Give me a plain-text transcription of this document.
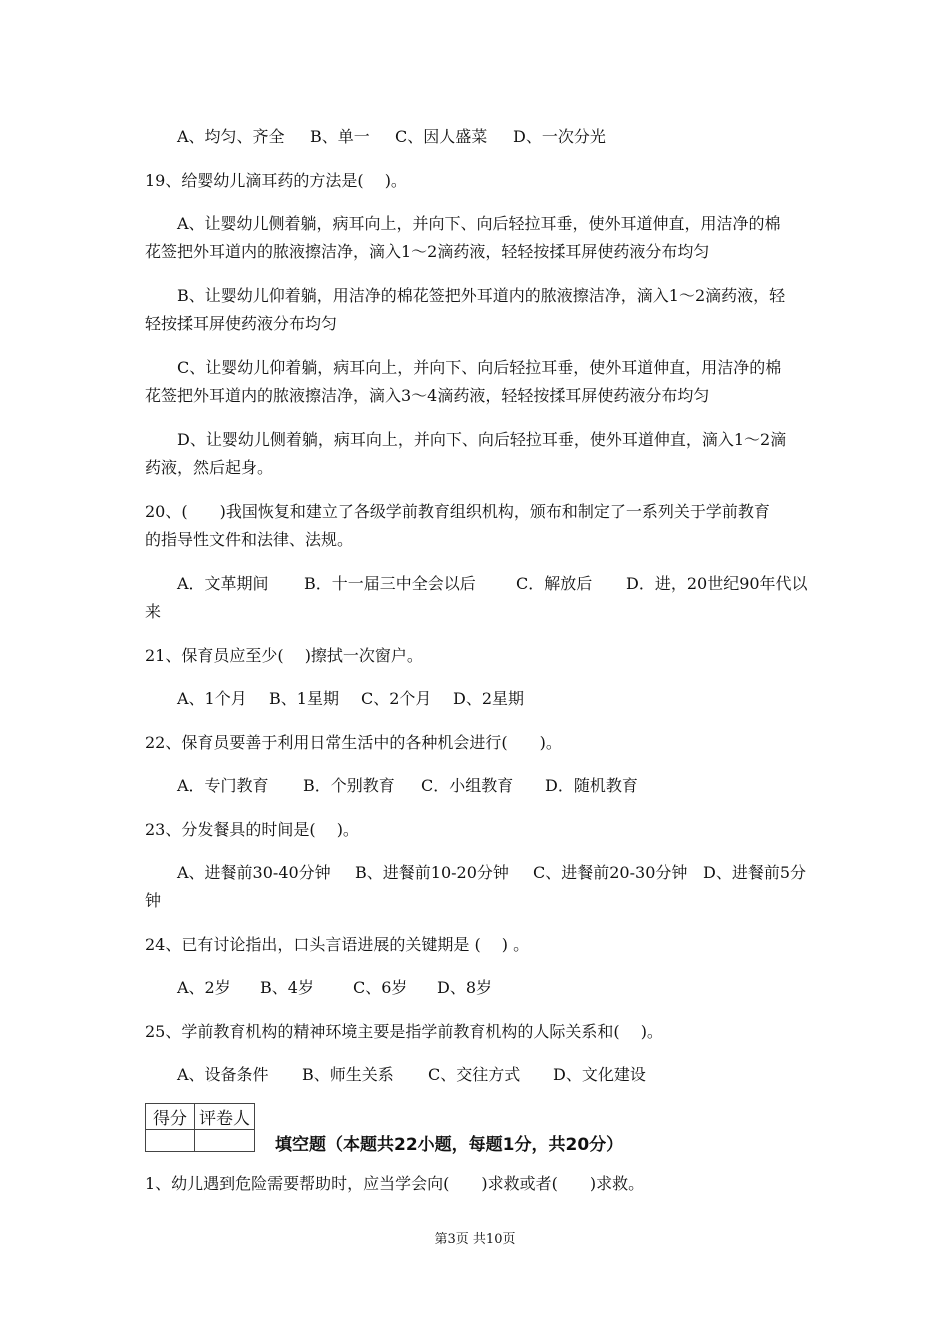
A、均匀、齐全 B、单一 C、因人盛菜 D、一次分光
19、给婴幼儿滴耳药的方法是(　 )。
A、让婴幼儿侧着躺，病耳向上，并向下、向后轻拉耳垂，使外耳道伸直，用洁净的棉
花签把外耳道内的脓液擦洁净，滴入1～2滴药液，轻轻按揉耳屏使药液分布均匀
B、让婴幼儿仰着躺，用洁净的棉花签把外耳道内的脓液擦洁净，滴入1～2滴药液，轻
轻按揉耳屏使药液分布均匀
C、让婴幼儿仰着躺，病耳向上，并向下、向后轻拉耳垂，使外耳道伸直，用洁净的棉
花签把外耳道内的脓液擦洁净，滴入3～4滴药液，轻轻按揉耳屏使药液分布均匀
D、让婴幼儿侧着躺，病耳向上，并向下、向后轻拉耳垂，使外耳道伸直，滴入1～2滴
药液，然后起身。
20、(　　)我国恢复和建立了各级学前教育组织机构，颁布和制定了一系列关于学前教育
的指导性文件和法律、法规。
A．文革期间 B．十一届三中全会以后	C．解放后 D．进，20世纪90年代以
来
21、保育员应至少(　 )擦拭一次窗户。
A、1个月 B、1星期 C、2个月 D、2星期
22、保育员要善于利用日常生活中的各种机会进行(　　)。
A．专门教育 B．个别教育 C．小组教育 D．随机教育
23、分发餐具的时间是(　 )。
A、进餐前30-40分钟 B、进餐前10-20分钟 C、进餐前20-30分钟 D、进餐前5分
钟
24、已有讨论指出，口头言语进展的关键期是 (　 ) 。
A、2岁 B、4岁 C、6岁 D、8岁
25、学前教育机构的精神环境主要是指学前教育机构的人际关系和(　 )。
A、设备条件 B、师生关系 C、交往方式 D、文化建设
得分	评卷人

填空题（本题共22小题，每题1分，共20分）
1、幼儿遇到危险需要帮助时，应当学会向(　　)求救或者(　　)求救。
第3页 共10页
